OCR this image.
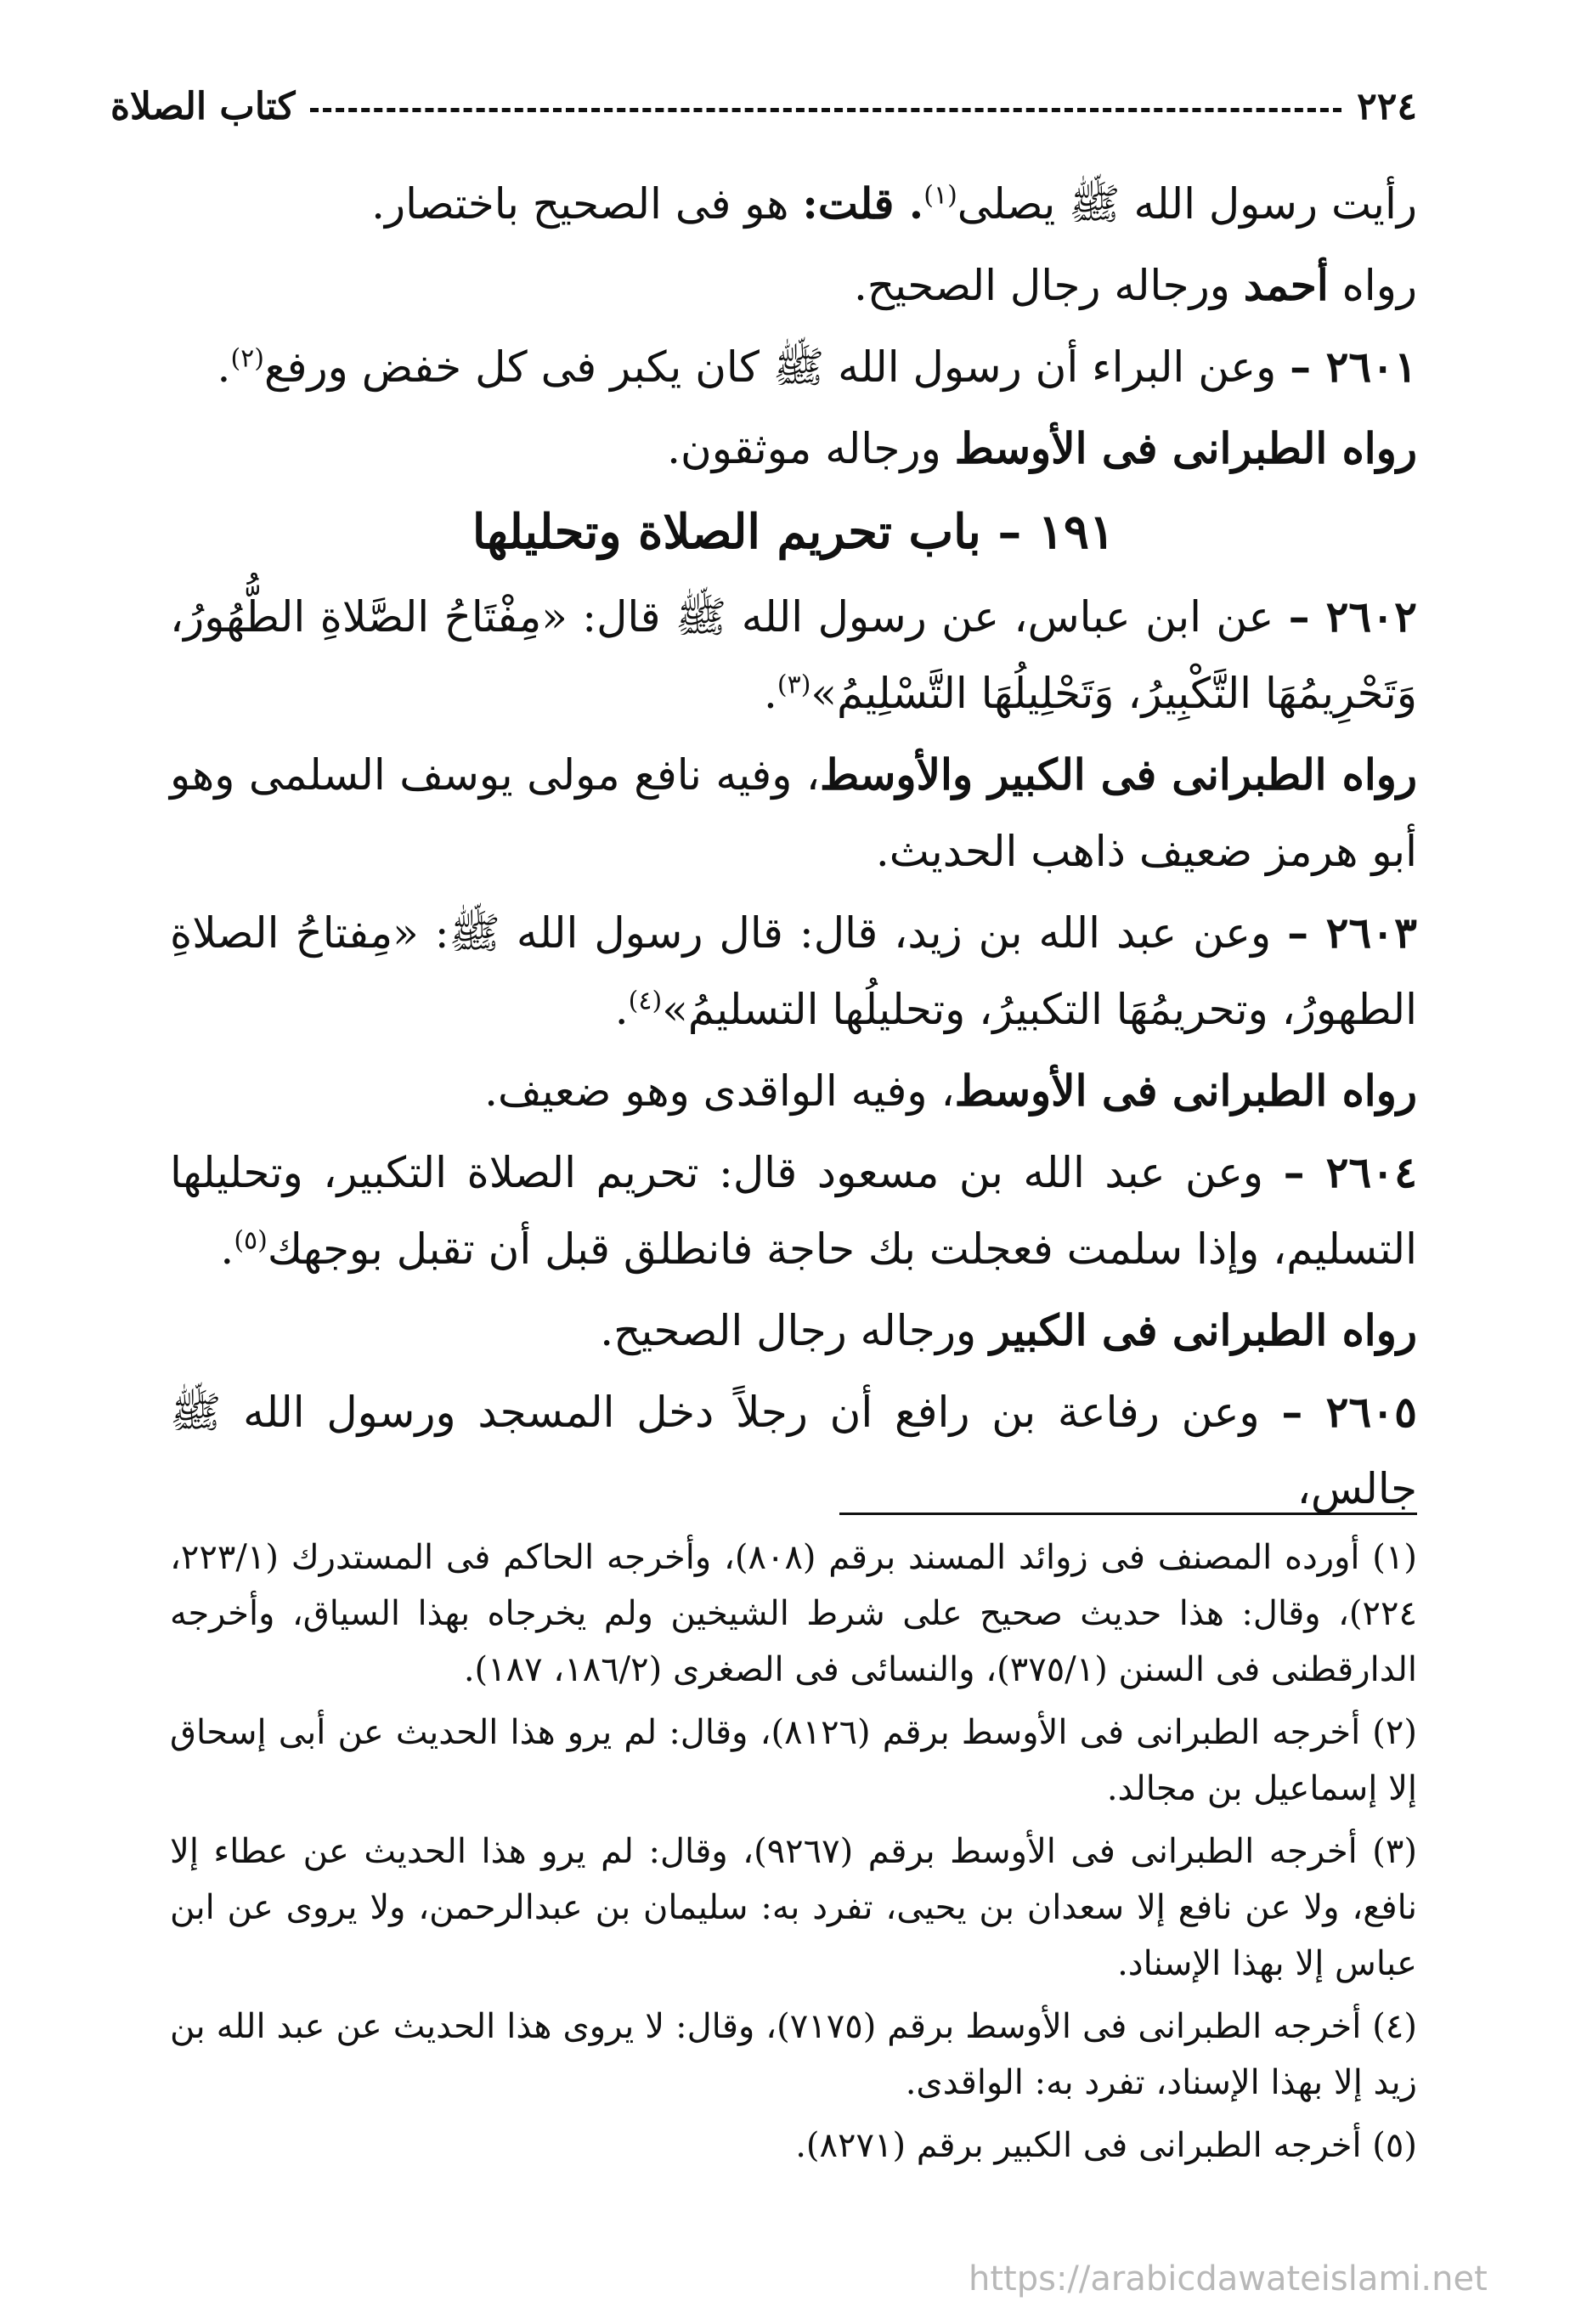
٢٢٤
كتاب الصلاة

رأيت رسول الله ﷺ يصلى$^{(١)}$. قلت: هو فى الصحيح باختصار.

رواه أحمد ورجاله رجال الصحيح.

٢٦٠١ – وعن البراء أن رسول الله ﷺ كان يكبر فى كل خفض ورفع$^{(٢)}$.

رواه الطبرانى فى الأوسط ورجاله موثقون.

١٩١ – باب تحريم الصلاة وتحليلها

٢٦٠٢ – عن ابن عباس، عن رسول الله ﷺ قال: «مِفْتَاحُ الصَّلاةِ الطُّهُورُ، وَتَحْرِيمُهَا التَّكْبِيرُ، وَتَحْلِيلُهَا التَّسْلِيمُ»$^{(٣)}$.

رواه الطبرانى فى الكبير والأوسط، وفيه نافع مولى يوسف السلمى وهو أبو هرمز ضعيف ذاهب الحديث.

٢٦٠٣ – وعن عبد الله بن زيد، قال: قال رسول الله ﷺ: «مِفتاحُ الصلاةِ الطهورُ، وتحريمُهَا التكبيرُ، وتحليلُها التسليمُ»$^{(٤)}$.

رواه الطبرانى فى الأوسط، وفيه الواقدى وهو ضعيف.

٢٦٠٤ – وعن عبد الله بن مسعود قال: تحريم الصلاة التكبير، وتحليلها التسليم، وإذا سلمت فعجلت بك حاجة فانطلق قبل أن تقبل بوجهك$^{(٥)}$.

رواه الطبرانى فى الكبير ورجاله رجال الصحيح.

٢٦٠٥ – وعن رفاعة بن رافع أن رجلاً دخل المسجد ورسول الله ﷺ جالس،

(١) أورده المصنف فى زوائد المسند برقم (٨٠٨)، وأخرجه الحاكم فى المستدرك (٢٢٣/١، ٢٢٤)، وقال: هذا حديث صحيح على شرط الشيخين ولم يخرجاه بهذا السياق، وأخرجه الدارقطنى فى السنن (٣٧٥/١)، والنسائى فى الصغرى (١٨٦/٢، ١٨٧).

(٢) أخرجه الطبرانى فى الأوسط برقم (٨١٢٦)، وقال: لم يرو هذا الحديث عن أبى إسحاق إلا إسماعيل بن مجالد.

(٣) أخرجه الطبرانى فى الأوسط برقم (٩٢٦٧)، وقال: لم يرو هذا الحديث عن عطاء إلا نافع، ولا عن نافع إلا سعدان بن يحيى، تفرد به: سليمان بن عبدالرحمن، ولا يروى عن ابن عباس إلا بهذا الإسناد.

(٤) أخرجه الطبرانى فى الأوسط برقم (٧١٧٥)، وقال: لا يروى هذا الحديث عن عبد الله بن زيد إلا بهذا الإسناد، تفرد به: الواقدى.

(٥) أخرجه الطبرانى فى الكبير برقم (٨٢٧١).

https://arabicdawateislami.net
